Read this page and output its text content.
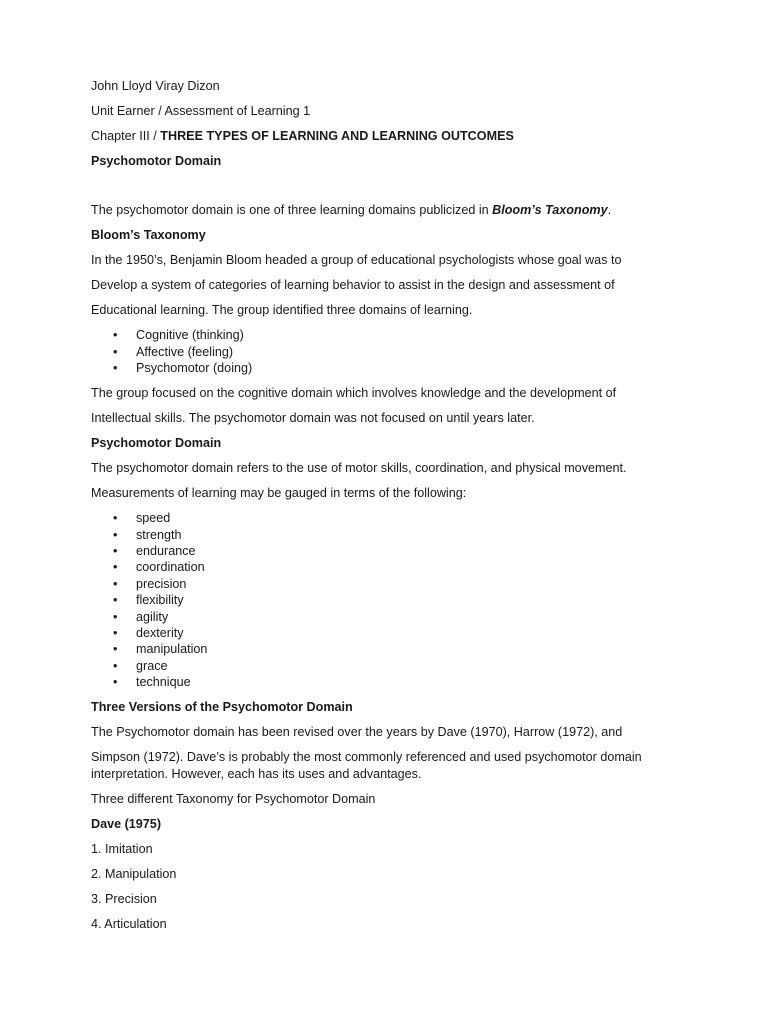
John Lloyd Viray Dizon

Unit Earner / Assessment of Learning 1

Chapter III / THREE TYPES OF LEARNING AND LEARNING OUTCOMES

Psychomotor Domain

The psychomotor domain is one of three learning domains publicized in Bloom’s Taxonomy.

Bloom’s Taxonomy

In the 1950’s, Benjamin Bloom headed a group of educational psychologists whose goal was to

Develop a system of categories of learning behavior to assist in the design and assessment of

Educational learning. The group identified three domains of learning.

•	Cognitive (thinking)
•	Affective (feeling)
•	Psychomotor (doing)

The group focused on the cognitive domain which involves knowledge and the development of

Intellectual skills. The psychomotor domain was not focused on until years later.

Psychomotor Domain

The psychomotor domain refers to the use of motor skills, coordination, and physical movement.

Measurements of learning may be gauged in terms of the following:

•	speed
•	strength
•	endurance
•	coordination
•	precision
•	flexibility
•	agility
•	dexterity
•	manipulation
•	grace
•	technique

Three Versions of the Psychomotor Domain

The Psychomotor domain has been revised over the years by Dave (1970), Harrow (1972), and

Simpson (1972). Dave’s is probably the most commonly referenced and used psychomotor domain interpretation. However, each has its uses and advantages.

Three different Taxonomy for Psychomotor Domain

Dave (1975)

1. Imitation

2. Manipulation

3. Precision

4. Articulation
